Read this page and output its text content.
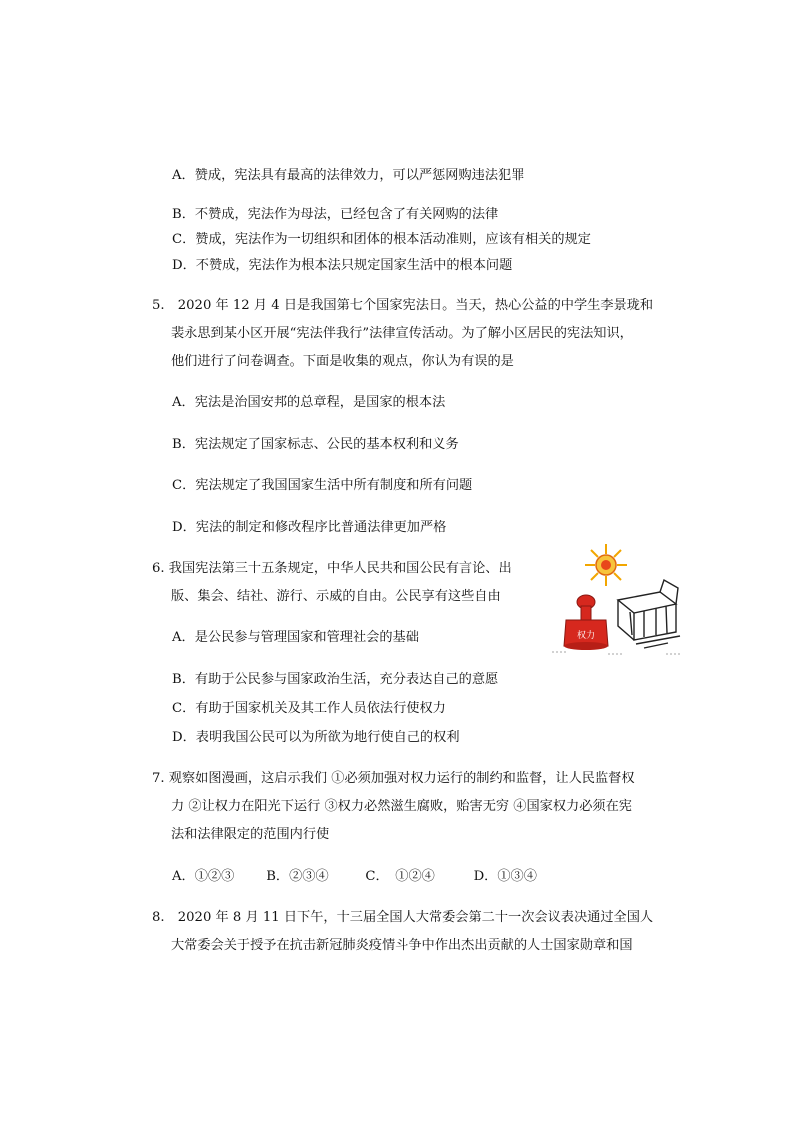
A．赞成，宪法具有最高的法律效力，可以严惩网购违法犯罪
B．不赞成，宪法作为母法，已经包含了有关网购的法律
C．赞成，宪法作为一切组织和团体的根本活动准则，应该有相关的规定
D．不赞成，宪法作为根本法只规定国家生活中的根本问题
5.　2020 年 12 月 4 日是我国第七个国家宪法日。当天，热心公益的中学生李景珑和
裴永思到某小区开展“宪法伴我行”法律宣传活动。为了解小区居民的宪法知识，
他们进行了问卷调查。下面是收集的观点，你认为有误的是
A．宪法是治国安邦的总章程，是国家的根本法
B．宪法规定了国家标志、公民的基本权利和义务
C．宪法规定了我国国家生活中所有制度和所有问题
D．宪法的制定和修改程序比普通法律更加严格
6. 我国宪法第三十五条规定，中华人民共和国公民有言论、出
版、集会、结社、游行、示威的自由。公民享有这些自由
A．是公民参与管理国家和管理社会的基础
B．有助于公民参与国家政治生活，充分表达自己的意愿
C．有助于国家机关及其工作人员依法行使权力
D．表明我国公民可以为所欲为地行使自己的权利
权力
7. 观察如图漫画，这启示我们 ①必须加强对权力运行的制约和监督，让人民监督权
力 ②让权力在阳光下运行 ③权力必然滋生腐败，贻害无穷 ④国家权力必须在宪
法和法律限定的范围内行使
A．①②③ B．②③④	C．　①②④	D．①③④
8.　2020 年 8 月 11 日下午，十三届全国人大常委会第二十一次会议表决通过全国人
大常委会关于授予在抗击新冠肺炎疫情斗争中作出杰出贡献的人士国家勋章和国
